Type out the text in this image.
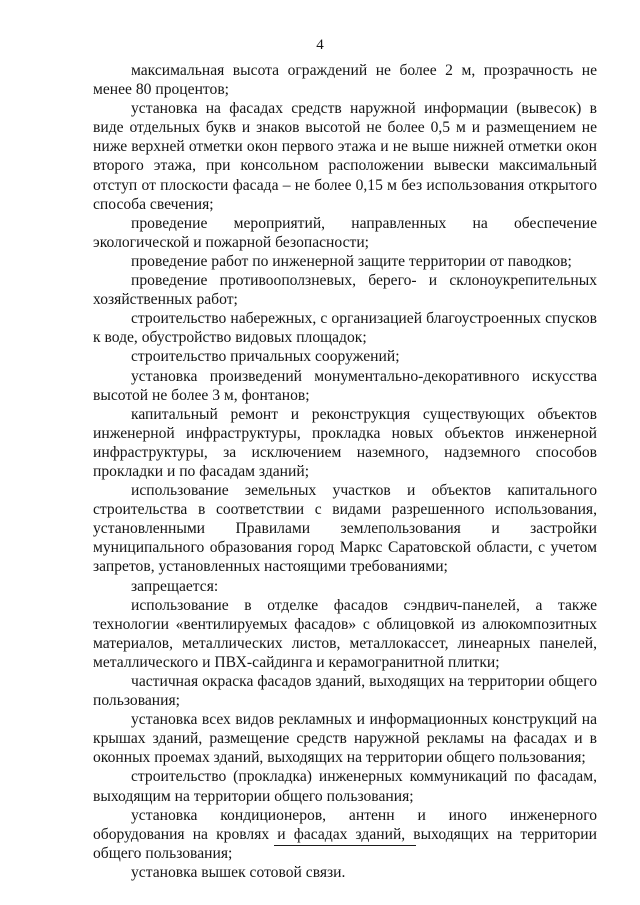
4

максимальная высота ограждений не более 2 м, прозрачность не менее 80 процентов;

установка на фасадах средств наружной информации (вывесок) в виде отдельных букв и знаков высотой не более 0,5 м и размещением не ниже верхней отметки окон первого этажа и не выше нижней отметки окон второго этажа, при консольном расположении вывески максимальный отступ от плоскости фасада – не более 0,15 м без использования открытого способа свечения;

проведение мероприятий, направленных на обеспечение экологической и пожарной безопасности;

проведение работ по инженерной защите территории от паводков;

проведение противооползневых, берего- и склоноукрепительных хозяйственных работ;

строительство набережных, с организацией благоустроенных спусков к воде, обустройство видовых площадок;

строительство причальных сооружений;

установка произведений монументально-декоративного искусства высотой не более 3 м, фонтанов;

капитальный ремонт и реконструкция существующих объектов инженерной инфраструктуры, прокладка новых объектов инженерной инфраструктуры, за исключением наземного, надземного способов прокладки и по фасадам зданий;

использование земельных участков и объектов капитального строительства в соответствии с видами разрешенного использования, установленными Правилами землепользования и застройки муниципального образования город Маркс Саратовской области, с учетом запретов, установленных настоящими требованиями;

запрещается:

использование в отделке фасадов сэндвич-панелей, а также технологии «вентилируемых фасадов» с облицовкой из алюкомпозитных материалов, металлических листов, металлокассет, линеарных панелей, металлического и ПВХ-сайдинга и керамогранитной плитки;

частичная окраска фасадов зданий, выходящих на территории общего пользования;

установка всех видов рекламных и информационных конструкций на крышах зданий, размещение средств наружной рекламы на фасадах и в оконных проемах зданий, выходящих на территории общего пользования;

строительство (прокладка) инженерных коммуникаций по фасадам, выходящим на территории общего пользования;

установка кондиционеров, антенн и иного инженерного оборудования на кровлях и фасадах зданий, выходящих на территории общего пользования;

установка вышек сотовой связи.
